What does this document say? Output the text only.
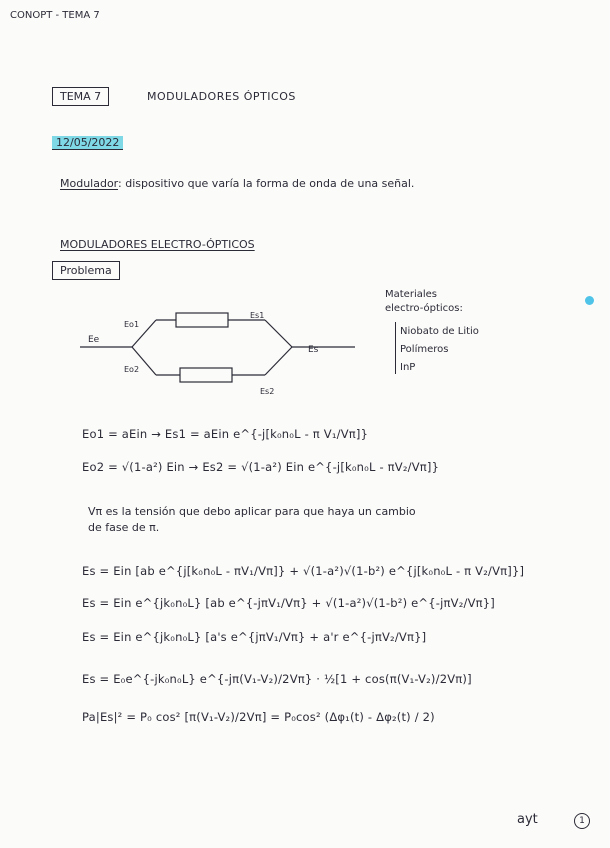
CONOPT - TEMA 7
TEMA 7	MODULADORES ÓPTICOS
12/05/2022
Modulador: dispositivo que varía la forma de onda de una señal.
MODULADORES ELECTRO-ÓPTICOS
Problema
Ee
Eo1
Eo2
Es1
Es2
Es
Materiales
electro-ópticos:
Niobato de Litio
Polímeros
InP
Eo1 = aEin → Es1 = aEin e^{-j[k₀n₀L - π V₁/Vπ]}
Eo2 = √(1-a²) Ein → Es2 = √(1-a²) Ein e^{-j[k₀n₀L - πV₂/Vπ]}
Vπ es la tensión que debo aplicar para que haya un cambio
de fase de π.
Es = Ein [ab e^{j[k₀n₀L - πV₁/Vπ]} + √(1-a²)√(1-b²) e^{j[k₀n₀L - π V₂/Vπ]}]
Es = Ein e^{jk₀n₀L} [ab e^{-jπV₁/Vπ} + √(1-a²)√(1-b²) e^{-jπV₂/Vπ}]
Es = Ein e^{jk₀n₀L} [a's e^{jπV₁/Vπ} + a'r e^{-jπV₂/Vπ}]
Es = E₀e^{-jk₀n₀L} e^{-jπ(V₁-V₂)/2Vπ} · ½[1 + cos(π(V₁-V₂)/2Vπ)]
Pa|Es|² = P₀ cos² [π(V₁-V₂)/2Vπ] = P₀cos² (Δφ₁(t) - Δφ₂(t) / 2)
ayt	1
